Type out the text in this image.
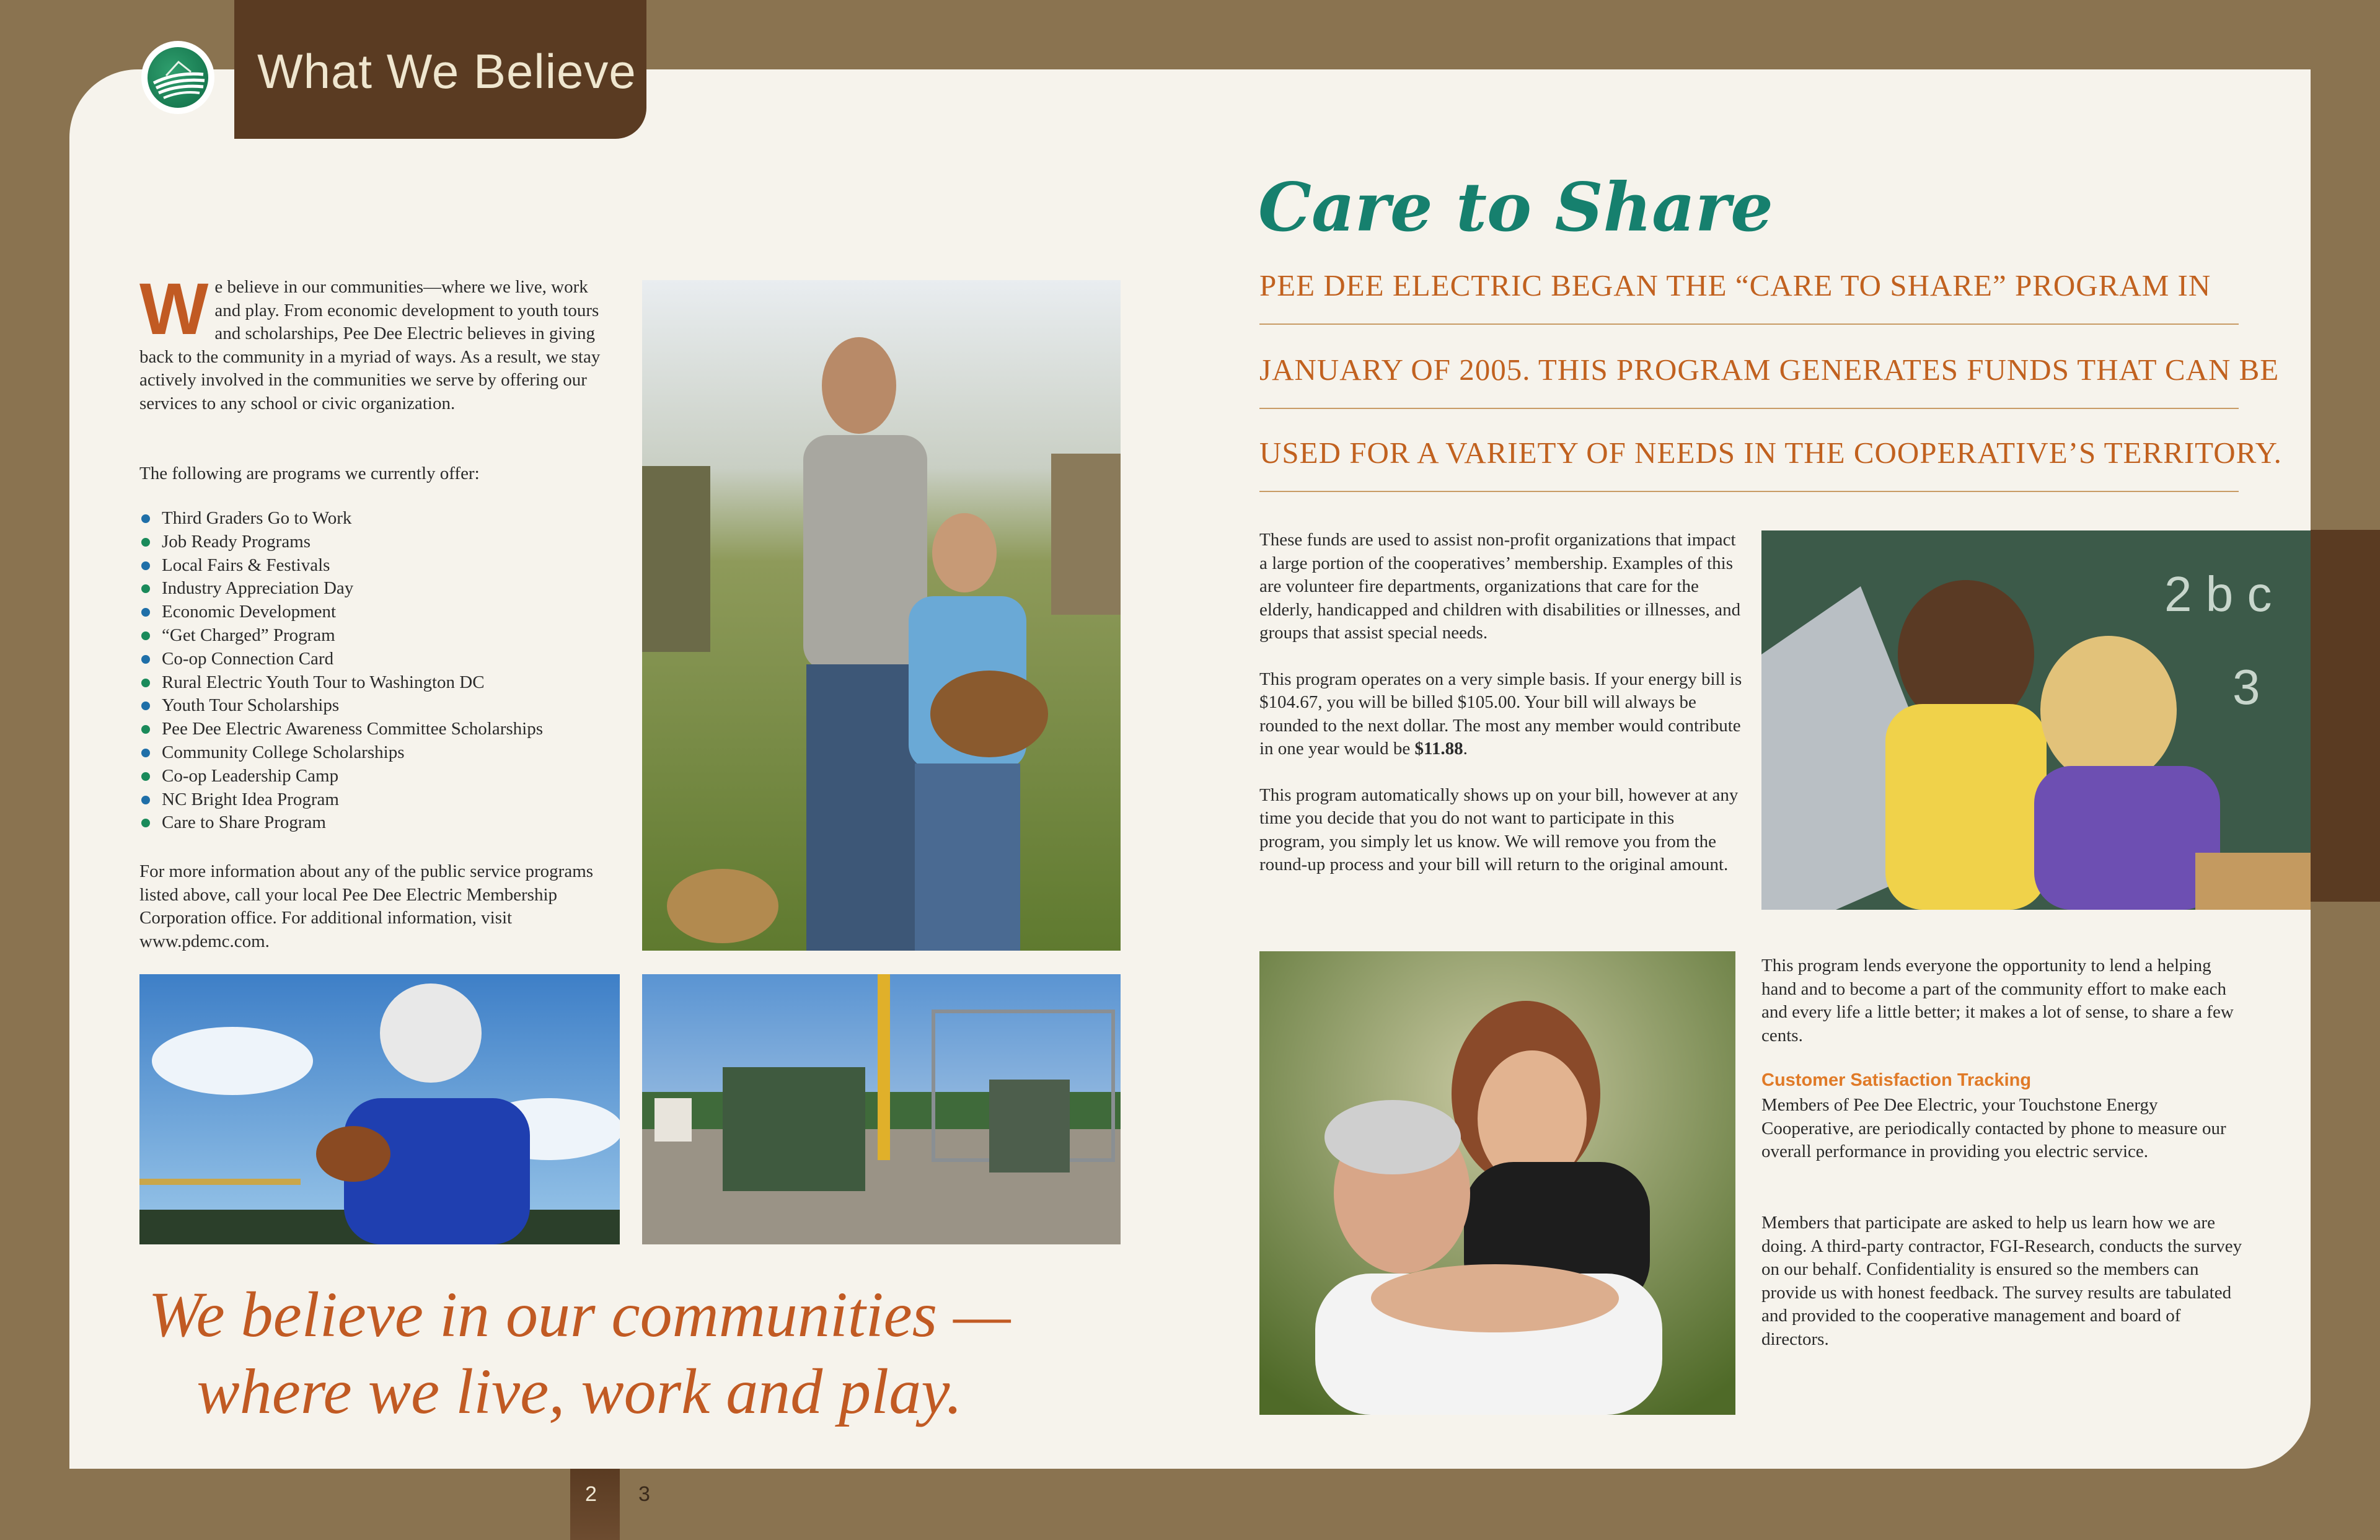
What We Believe

We believe in our communities—where we live, work and play. From economic development to youth tours and scholarships, Pee Dee Electric believes in giving back to the community in a myriad of ways. As a result, we stay actively involved in the communities we serve by offering our services to any school or civic organization.

The following are programs we currently offer:
Third Graders Go to Work
Job Ready Programs
Local Fairs & Festivals
Industry Appreciation Day
Economic Development
“Get Charged” Program
Co-op Connection Card
Rural Electric Youth Tour to Washington DC
Youth Tour Scholarships
Pee Dee Electric Awareness Committee Scholarships
Community College Scholarships
Co-op Leadership Camp
NC Bright Idea Program
Care to Share Program

For more information about any of the public service programs listed above, call your local Pee Dee Electric Membership Corporation office. For additional information, visit www.pdemc.com.

We believe in our communities — where we live, work and play.
Care to Share
PEE DEE ELECTRIC BEGAN THE “CARE TO SHARE” PROGRAM IN
JANUARY OF 2005. THIS PROGRAM GENERATES FUNDS THAT CAN BE
USED FOR A VARIETY OF NEEDS IN THE COOPERATIVE’S TERRITORY.

These funds are used to assist non-profit organizations that impact a large portion of the cooperatives’ membership. Examples of this are volunteer fire departments, organizations that care for the elderly, handicapped and children with disabilities or illnesses, and groups that assist special needs.

This program operates on a very simple basis. If your energy bill is $104.67, you will be billed $105.00. Your bill will always be rounded to the next dollar. The most any member would contribute in one year would be $11.88.

This program automatically shows up on your bill, however at any time you decide that you do not want to participate in this program, you simply let us know. We will remove you from the round-up process and your bill will return to the original amount.

2 b c
3

This program lends everyone the opportunity to lend a helping hand and to become a part of the community effort to make each and every life a little better; it makes a lot of sense, to share a few cents.

Customer Satisfaction Tracking

Members of Pee Dee Electric, your Touchstone Energy Cooperative, are periodically contacted by phone to measure our overall performance in providing you electric service.

Members that participate are asked to help us learn how we are doing. A third-party contractor, FGI-Research, conducts the survey on our behalf. Confidentiality is ensured so the members can provide us with honest feedback. The survey results are tabulated and provided to the cooperative management and board of directors.

2 3
